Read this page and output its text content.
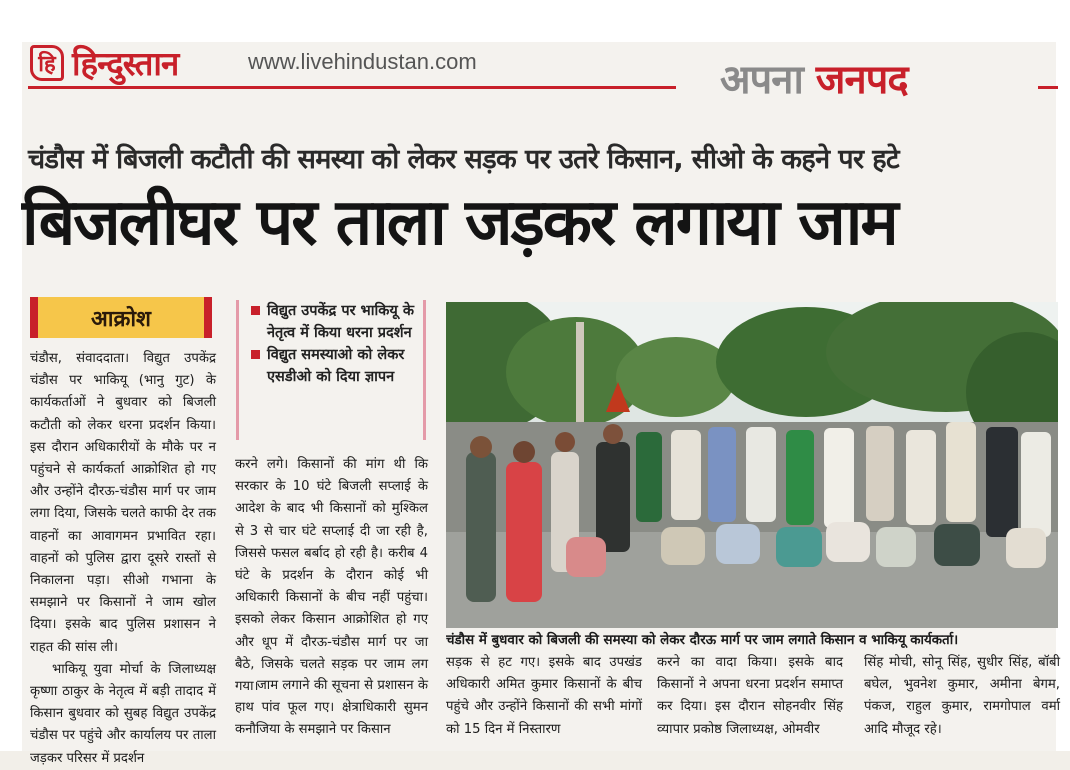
हि हिन्दुस्तान	www.livehindustan.com	अपना जनपद
चंडौस में बिजली कटौती की समस्या को लेकर सड़क पर उतरे किसान, सीओ के कहने पर हटे
बिजलीघर पर ताला जड़कर लगाया जाम
आक्रोश

चंडौस, संवाददाता। विद्युत उपकेंद्र चंडौस पर भाकियू (भानु गुट) के कार्यकर्ताओं ने बुधवार को बिजली कटौती को लेकर धरना प्रदर्शन किया। इस दौरान अधिकारीयों के मौके पर न पहुंचने से कार्यकर्ता आक्रोशित हो गए और उन्होंने दौरऊ-चंडौस मार्ग पर जाम लगा दिया, जिसके चलते काफी देर तक वाहनों का आवागमन प्रभावित रहा। वाहनों को पुलिस द्वारा दूसरे रास्तों से निकालना पड़ा। सीओ गभाना के समझाने पर किसानों ने जाम खोल दिया। इसके बाद पुलिस प्रशासन ने राहत की सांस ली।

भाकियू युवा मोर्चा के जिलाध्यक्ष कृष्णा ठाकुर के नेतृत्व में बड़ी तादाद में किसान बुधवार को सुबह विद्युत उपकेंद्र चंडौस पर पहुंचे और कार्यालय पर ताला जड़कर परिसर में प्रदर्शन

विद्युत उपकेंद्र पर भाकियू के नेतृत्व में किया धरना प्रदर्शन
विद्युत समस्याओ को लेकर एसडीओ को दिया ज्ञापन

करने लगे। किसानों की मांग थी कि सरकार के 10 घंटे बिजली सप्लाई के आदेश के बाद भी किसानों को मुश्किल से 3 से चार घंटे सप्लाई दी जा रही है, जिससे फसल बर्बाद हो रही है। करीब 4 घंटे के प्रदर्शन के दौरान कोई भी अधिकारी किसानों के बीच नहीं पहुंचा। इसको लेकर किसान आक्रोशित हो गए और धूप में दौरऊ-चंडौस मार्ग पर जा बैठे, जिसके चलते सड़क पर जाम लग गया।

जाम लगाने की सूचना से प्रशासन के हाथ पांव फूल गए। क्षेत्राधिकारी सुमन कनौजिया के समझाने पर किसान

चंडौस में बुधवार को बिजली की समस्या को लेकर दौरऊ मार्ग पर जाम लगाते किसान व भाकियू कार्यकर्ता।

सड़क से हट गए। इसके बाद उपखंड अधिकारी अमित कुमार किसानों के बीच पहुंचे और उन्होंने किसानों की सभी मांगों को 15 दिन में निस्तारण

करने का वादा किया। इसके बाद किसानों ने अपना धरना प्रदर्शन समाप्त कर दिया। इस दौरान सोहनवीर सिंह व्यापार प्रकोष्ठ जिलाध्यक्ष, ओमवीर

सिंह मोची, सोनू सिंह, सुधीर सिंह, बॉबी बघेल, भुवनेश कुमार, अमीना बेगम, पंकज, राहुल कुमार, रामगोपाल वर्मा आदि मौजूद रहे।
